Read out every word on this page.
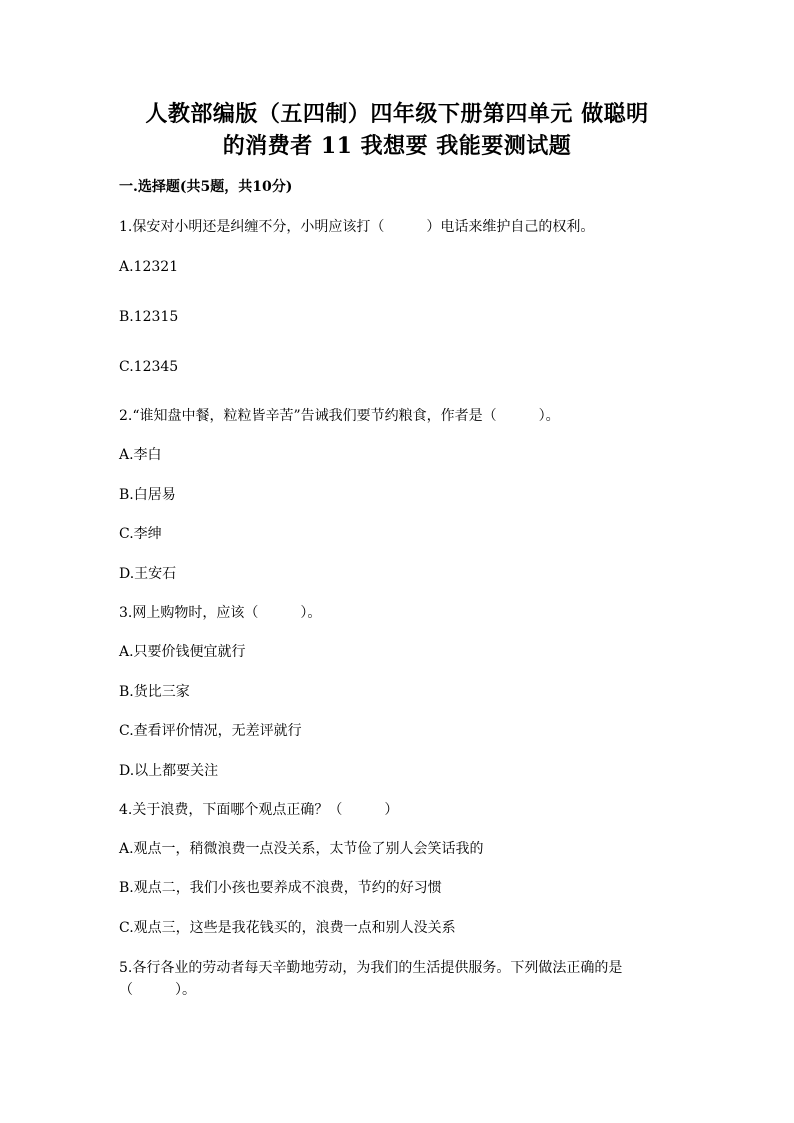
人教部编版（五四制）四年级下册第四单元 做聪明
的消费者 11 我想要 我能要测试题
一.选择题(共5题，共10分)
1.保安对小明还是纠缠不分，小明应该打（　　　）电话来维护自己的权利。
A.12321
B.12315
C.12345
2.“谁知盘中餐，粒粒皆辛苦”告诫我们要节约粮食，作者是（　　　）。
A.李白
B.白居易
C.李绅
D.王安石
3.网上购物时，应该（　　　）。
A.只要价钱便宜就行
B.货比三家
C.查看评价情况，无差评就行
D.以上都要关注
4.关于浪费，下面哪个观点正确？（　　　）
A.观点一，稍微浪费一点没关系，太节俭了别人会笑话我的
B.观点二，我们小孩也要养成不浪费，节约的好习惯
C.观点三，这些是我花钱买的，浪费一点和别人没关系
5.各行各业的劳动者每天辛勤地劳动，为我们的生活提供服务。下列做法正确的是（　　　）。
